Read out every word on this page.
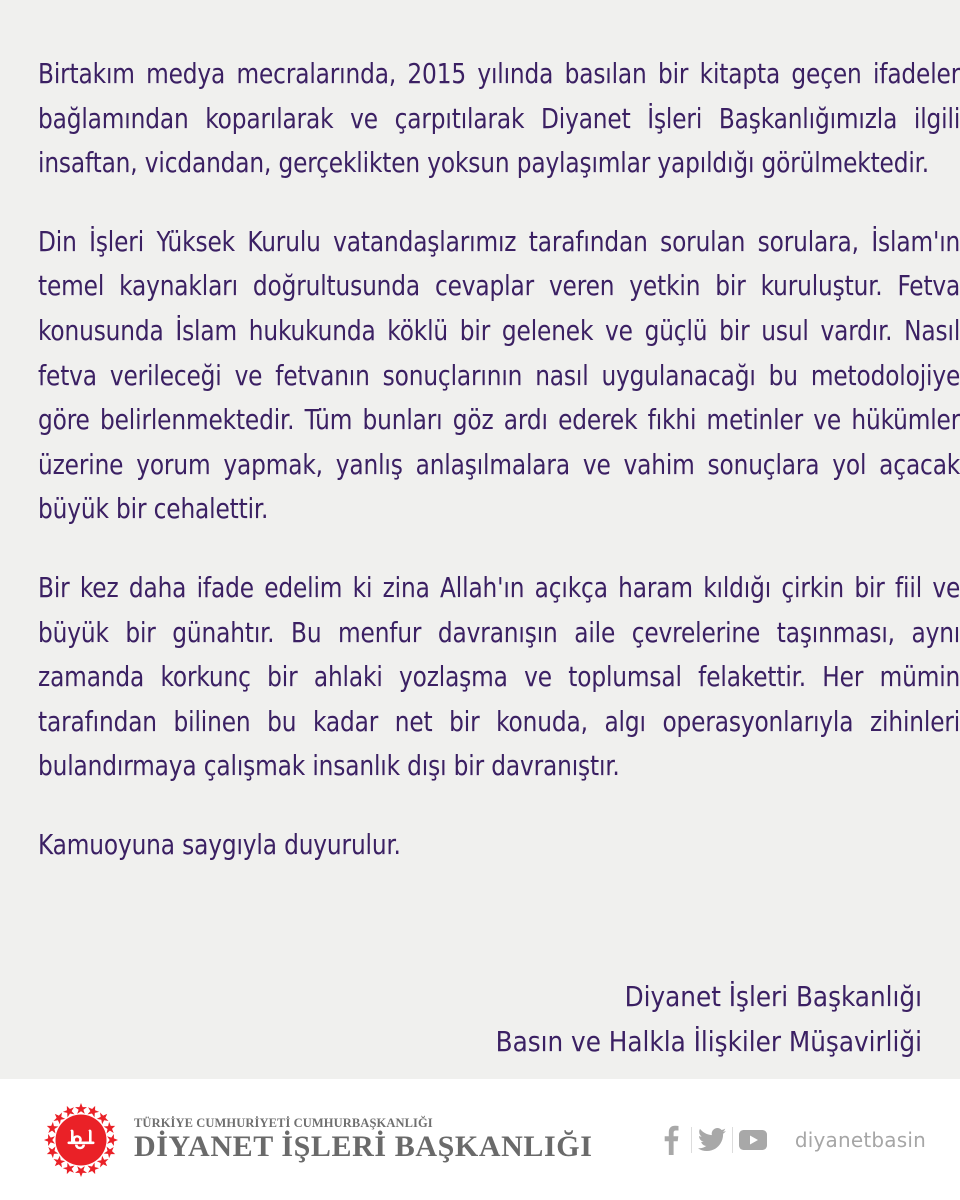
Birtakım medya mecralarında, 2015 yılında basılan bir kitapta geçen ifadeler bağlamından koparılarak ve çarpıtılarak Diyanet İşleri Başkanlığımızla ilgili insaftan, vicdandan, gerçeklikten yoksun paylaşımlar yapıldığı görülmektedir.

Din İşleri Yüksek Kurulu vatandaşlarımız tarafından sorulan sorulara, İslam'ın temel kaynakları doğrultusunda cevaplar veren yetkin bir kuruluştur. Fetva konusunda İslam hukukunda köklü bir gelenek ve güçlü bir usul vardır. Nasıl fetva verileceği ve fetvanın sonuçlarının nasıl uygulanacağı bu metodolojiye göre belirlenmektedir. Tüm bunları göz ardı ederek fıkhi metinler ve hükümler üzerine yorum yapmak, yanlış anlaşılmalara ve vahim sonuçlara yol açacak büyük bir cehalettir.

Bir kez daha ifade edelim ki zina Allah'ın açıkça haram kıldığı çirkin bir fiil ve büyük bir günahtır. Bu menfur davranışın aile çevrelerine taşınması, aynı zamanda korkunç bir ahlaki yozlaşma ve toplumsal felakettir. Her mümin tarafından bilinen bu kadar net bir konuda, algı operasyonlarıyla zihinleri bulandırmaya çalışmak insanlık dışı bir davranıştır.

Kamuoyuna saygıyla duyurulur.

Diyanet İşleri Başkanlığı
Basın ve Halkla İlişkiler Müşavirliği
TÜRKİYE CUMHURİYETİ CUMHURBAŞKANLIĞI
DİYANET İŞLERİ BAŞKANLIĞI	diyanetbasin
